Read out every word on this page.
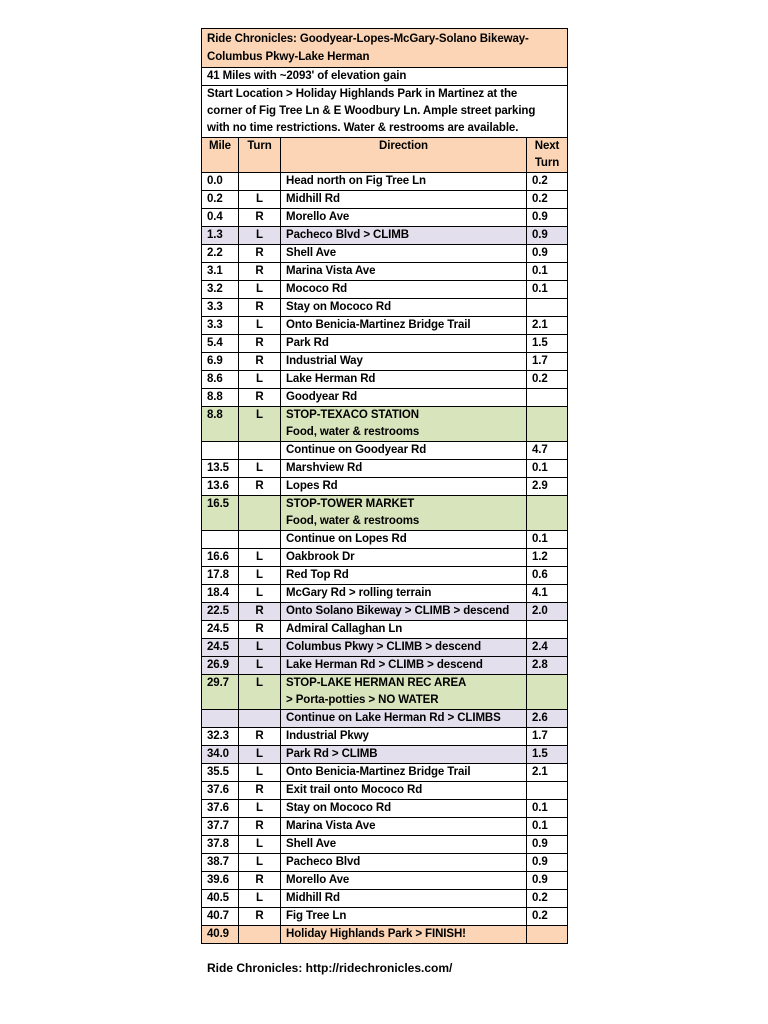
Ride Chronicles: Goodyear-Lopes-McGary-Solano Bikeway-
Columbus Pkwy-Lake Herman			

41 Miles with ~2093' of elevation gain			

Start Location > Holiday Highlands Park in Martinez at the
corner of Fig Tree Ln & E Woodbury Ln. Ample street parking
with no time restrictions. Water & restrooms are available.			

Mile	Turn	Direction	Next
Turn

0.0		Head north on Fig Tree Ln	0.2
0.2	L	Midhill Rd	0.2
0.4	R	Morello Ave	0.9
1.3	L	Pacheco Blvd > CLIMB	0.9
2.2	R	Shell Ave	0.9
3.1	R	Marina Vista Ave	0.1
3.2	L	Mococo Rd	0.1
3.3	R	Stay on Mococo Rd	
3.3	L	Onto Benicia-Martinez Bridge Trail	2.1
5.4	R	Park Rd	1.5
6.9	R	Industrial Way	1.7
8.6	L	Lake Herman Rd	0.2
8.8	R	Goodyear Rd	
8.8	L	STOP-TEXACO STATION
Food, water & restrooms	

		Continue on Goodyear Rd	4.7
13.5	L	Marshview Rd	0.1
13.6	R	Lopes Rd	2.9
16.5		STOP-TOWER MARKET
Food, water & restrooms	

		Continue on Lopes Rd	0.1
16.6	L	Oakbrook Dr	1.2
17.8	L	Red Top Rd	0.6
18.4	L	McGary Rd > rolling terrain	4.1
22.5	R	Onto Solano Bikeway > CLIMB > descend	2.0
24.5	R	Admiral Callaghan Ln	
24.5	L	Columbus Pkwy > CLIMB > descend	2.4
26.9	L	Lake Herman Rd > CLIMB > descend	2.8
29.7	L	STOP-LAKE HERMAN REC AREA
> Porta-potties > NO WATER	

		Continue on Lake Herman Rd > CLIMBS	2.6
32.3	R	Industrial Pkwy	1.7
34.0	L	Park Rd > CLIMB	1.5
35.5	L	Onto Benicia-Martinez Bridge Trail	2.1
37.6	R	Exit trail onto Mococo Rd	
37.6	L	Stay on Mococo Rd	0.1
37.7	R	Marina Vista Ave	0.1
37.8	L	Shell Ave	0.9
38.7	L	Pacheco Blvd	0.9
39.6	R	Morello Ave	0.9
40.5	L	Midhill Rd	0.2
40.7	R	Fig Tree Ln	0.2
40.9		Holiday Highlands Park > FINISH!	
Ride Chronicles: http://ridechronicles.com/
